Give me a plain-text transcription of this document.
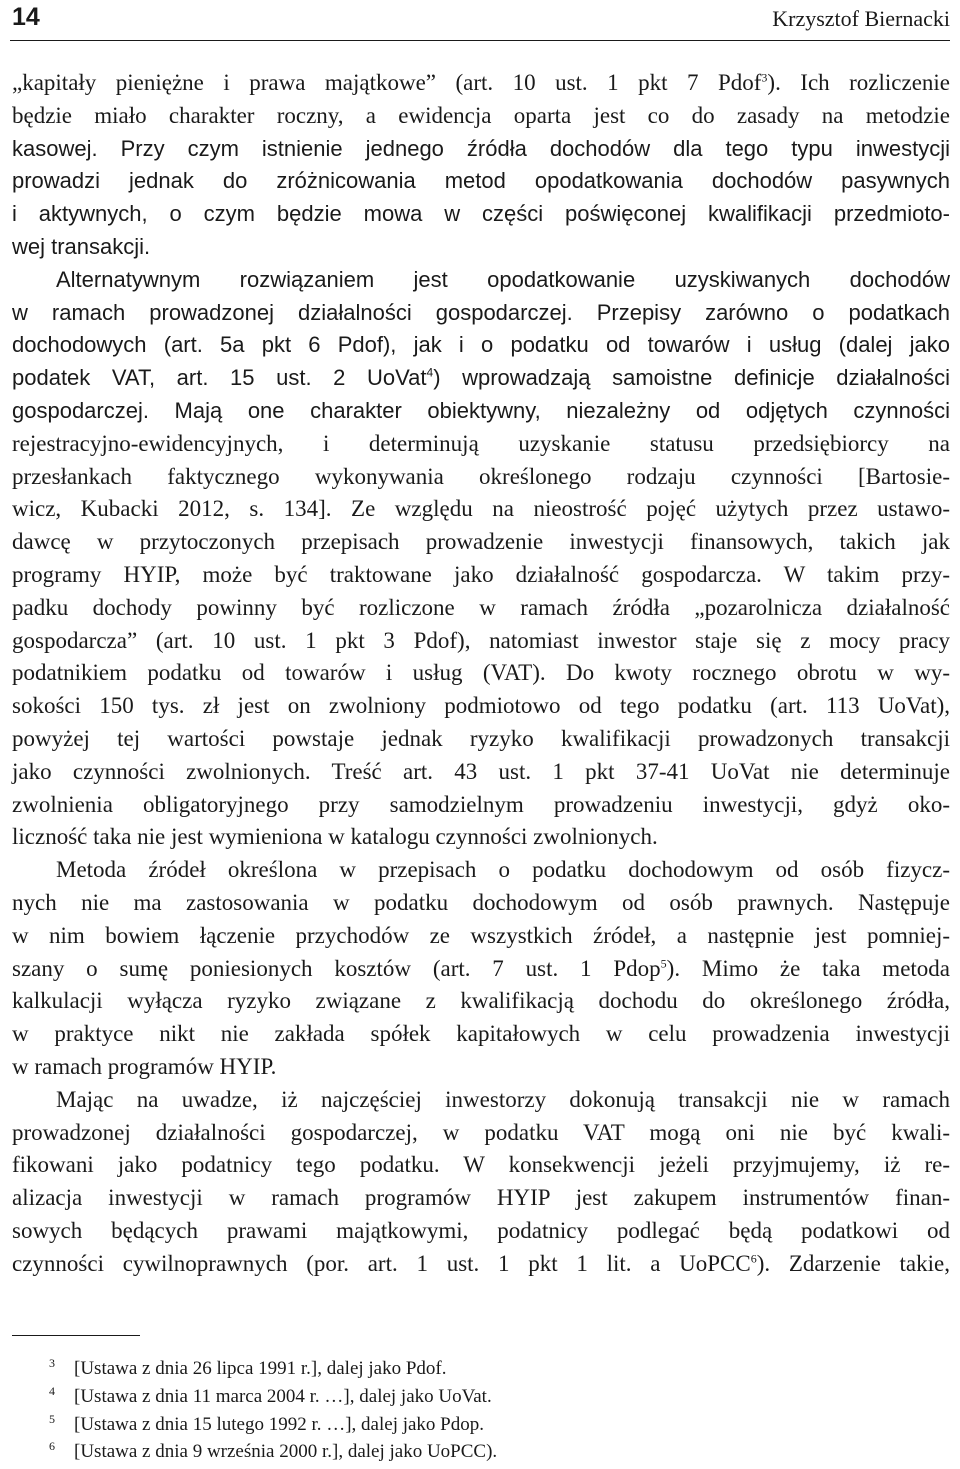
14	Krzysztof Biernacki
„kapitały pieniężne i prawa majątkowe” (art. 10 ust. 1 pkt 7 Pdof$^3$). Ich rozliczenie
będzie miało charakter roczny, a ewidencja oparta jest co do zasady na metodzie
kasowej. Przy czym istnienie jednego źródła dochodów dla tego typu inwestycji
prowadzi jednak do zróżnicowania metod opodatkowania dochodów pasywnych
i aktywnych, o czym będzie mowa w części poświęconej kwalifikacji przedmioto-
wej transakcji.
Alternatywnym rozwiązaniem jest opodatkowanie uzyskiwanych dochodów
w ramach prowadzonej działalności gospodarczej. Przepisy zarówno o podatkach
dochodowych (art. 5a pkt 6 Pdof), jak i o podatku od towarów i usług (dalej jako
podatek VAT, art. 15 ust. 2 UoVat$^4$) wprowadzają samoistne definicje działalności
gospodarczej. Mają one charakter obiektywny, niezależny od odjętych czynności
rejestracyjno-ewidencyjnych, i determinują uzyskanie statusu przedsiębiorcy na
przesłankach faktycznego wykonywania określonego rodzaju czynności [Bartosie-
wicz, Kubacki 2012, s. 134]. Ze względu na nieostrość pojęć użytych przez ustawo-
dawcę w przytoczonych przepisach prowadzenie inwestycji finansowych, takich jak
programy HYIP, może być traktowane jako działalność gospodarcza. W takim przy-
padku dochody powinny być rozliczone w ramach źródła „pozarolnicza działalność
gospodarcza” (art. 10 ust. 1 pkt 3 Pdof), natomiast inwestor staje się z mocy pracy
podatnikiem podatku od towarów i usług (VAT). Do kwoty rocznego obrotu w wy-
sokości 150 tys. zł jest on zwolniony podmiotowo od tego podatku (art. 113 UoVat),
powyżej tej wartości powstaje jednak ryzyko kwalifikacji prowadzonych transakcji
jako czynności zwolnionych. Treść art. 43 ust. 1 pkt 37-41 UoVat nie determinuje
zwolnienia obligatoryjnego przy samodzielnym prowadzeniu inwestycji, gdyż oko-
liczność taka nie jest wymieniona w katalogu czynności zwolnionych.
Metoda źródeł określona w przepisach o podatku dochodowym od osób fizycz-
nych nie ma zastosowania w podatku dochodowym od osób prawnych. Następuje
w nim bowiem łączenie przychodów ze wszystkich źródeł, a następnie jest pomniej-
szany o sumę poniesionych kosztów (art. 7 ust. 1 Pdop$^5$). Mimo że taka metoda
kalkulacji wyłącza ryzyko związane z kwalifikacją dochodu do określonego źródła,
w praktyce nikt nie zakłada spółek kapitałowych w celu prowadzenia inwestycji
w ramach programów HYIP.
Mając na uwadze, iż najczęściej inwestorzy dokonują transakcji nie w ramach
prowadzonej działalności gospodarczej, w podatku VAT mogą oni nie być kwali-
fikowani jako podatnicy tego podatku. W konsekwencji jeżeli przyjmujemy, iż re-
alizacja inwestycji w ramach programów HYIP jest zakupem instrumentów finan-
sowych będących prawami majątkowymi, podatnicy podlegać będą podatkowi od
czynności cywilnoprawnych (por. art. 1 ust. 1 pkt 1 lit. a UoPCC$^6$). Zdarzenie takie,
3 [Ustawa z dnia 26 lipca 1991 r.], dalej jako Pdof.
4 [Ustawa z dnia 11 marca 2004 r. …], dalej jako UoVat.
5 [Ustawa z dnia 15 lutego 1992 r. …], dalej jako Pdop.
6 [Ustawa z dnia 9 września 2000 r.], dalej jako UoPCC).
